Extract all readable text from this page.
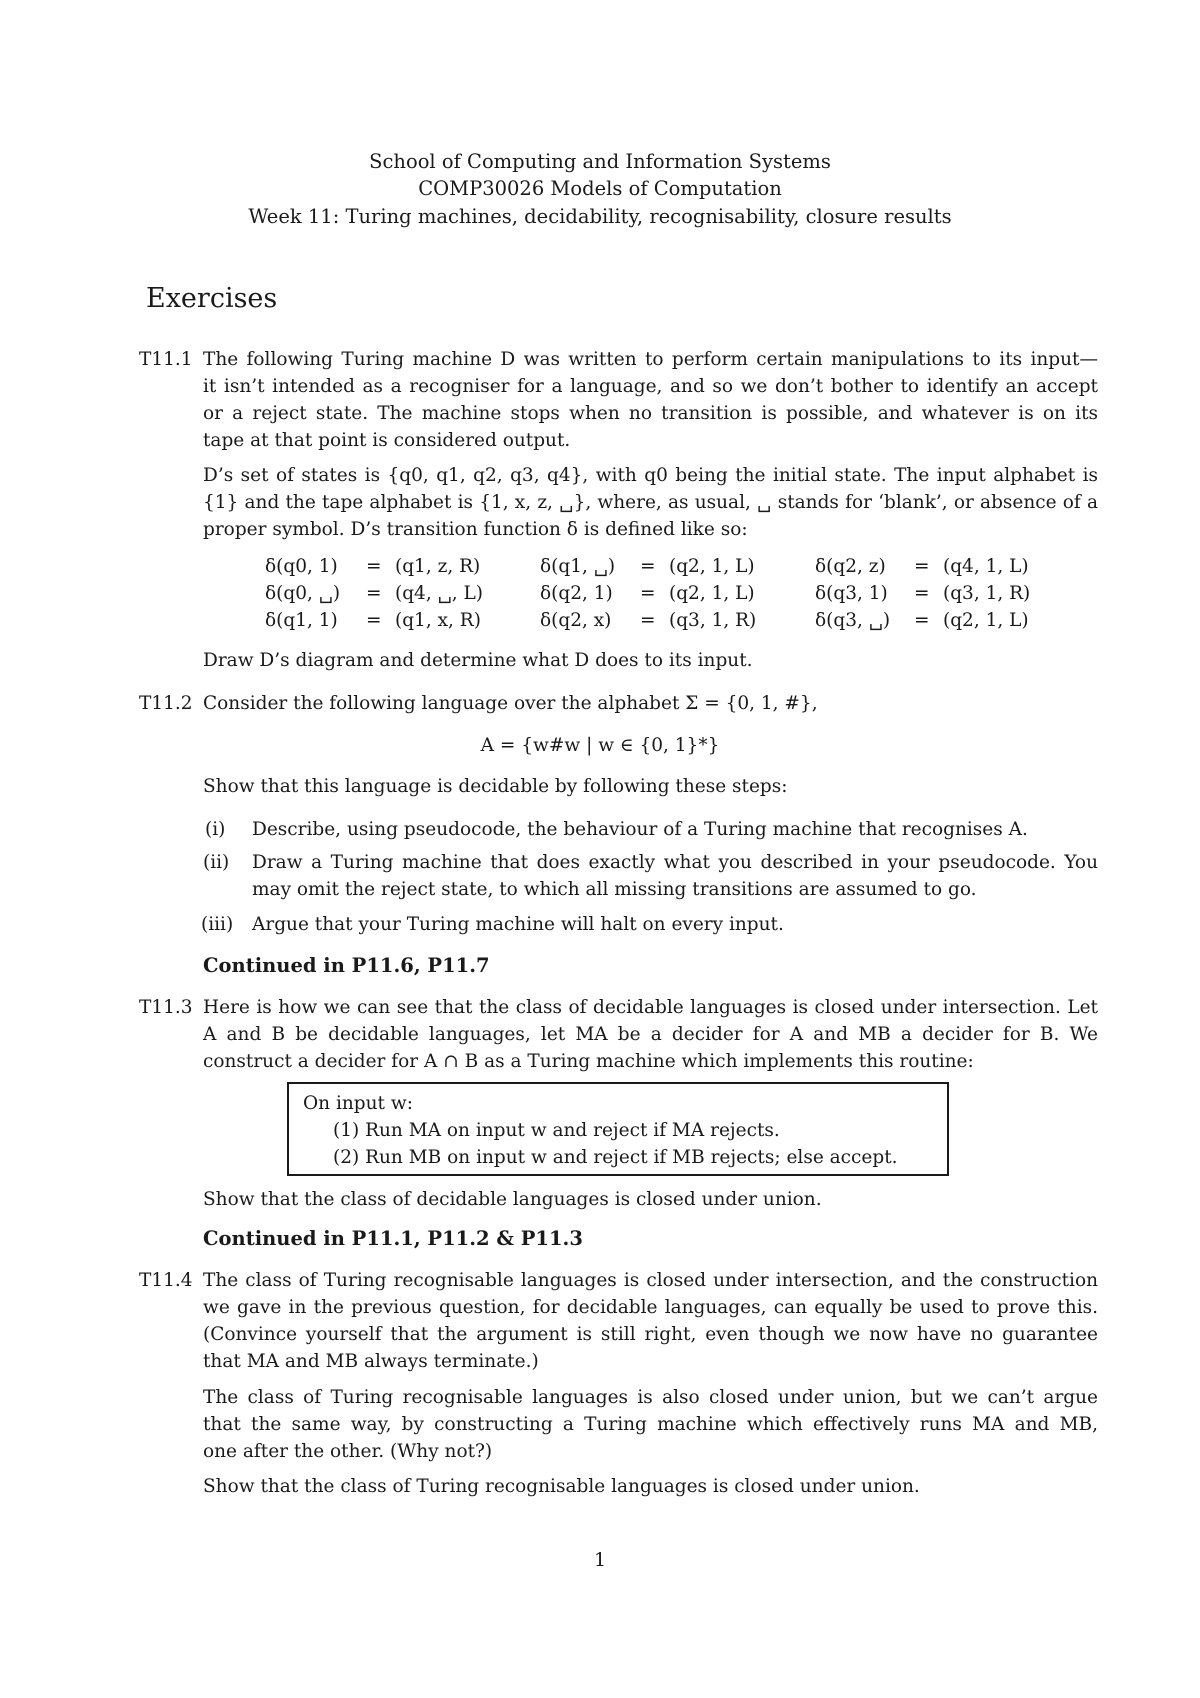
School of Computing and Information Systems
COMP30026 Models of Computation
Week 11: Turing machines, decidability, recognisability, closure results
Exercises
T11.1 The following Turing machine D was written to perform certain manipulations to its input—
it isn’t intended as a recogniser for a language, and so we don’t bother to identify an accept
or a reject state. The machine stops when no transition is possible, and whatever is on its
tape at that point is considered output.
D’s set of states is {q0, q1, q2, q3, q4}, with q0 being the initial state. The input alphabet is
{1} and the tape alphabet is {1, x, z, ␣}, where, as usual, ␣ stands for ‘blank’, or absence of a
proper symbol. D’s transition function δ is defined like so:
δ(q0, 1) = (q1, z, R)	δ(q1, ␣) = (q2, 1, L)	δ(q2, z) = (q4, 1, L)
δ(q0, ␣) = (q4, ␣, L)	δ(q2, 1) = (q2, 1, L)	δ(q3, 1) = (q3, 1, R)
δ(q1, 1) = (q1, x, R)	δ(q2, x) = (q3, 1, R)	δ(q3, ␣) = (q2, 1, L)
Draw D’s diagram and determine what D does to its input.
T11.2 Consider the following language over the alphabet Σ = {0, 1, #},
A = {w#w | w ∈ {0, 1}*}
Show that this language is decidable by following these steps:
(i) Describe, using pseudocode, the behaviour of a Turing machine that recognises A.
(ii) Draw a Turing machine that does exactly what you described in your pseudocode. You
may omit the reject state, to which all missing transitions are assumed to go.
(iii) Argue that your Turing machine will halt on every input.
Continued in P11.6, P11.7
T11.3 Here is how we can see that the class of decidable languages is closed under intersection. Let
A and B be decidable languages, let MA be a decider for A and MB a decider for B. We
construct a decider for A ∩ B as a Turing machine which implements this routine:
On input w:
(1) Run MA on input w and reject if MA rejects.
(2) Run MB on input w and reject if MB rejects; else accept.
Show that the class of decidable languages is closed under union.
Continued in P11.1, P11.2 & P11.3
T11.4 The class of Turing recognisable languages is closed under intersection, and the construction
we gave in the previous question, for decidable languages, can equally be used to prove this.
(Convince yourself that the argument is still right, even though we now have no guarantee
that MA and MB always terminate.)
The class of Turing recognisable languages is also closed under union, but we can’t argue
that the same way, by constructing a Turing machine which effectively runs MA and MB,
one after the other. (Why not?)
Show that the class of Turing recognisable languages is closed under union.
1
